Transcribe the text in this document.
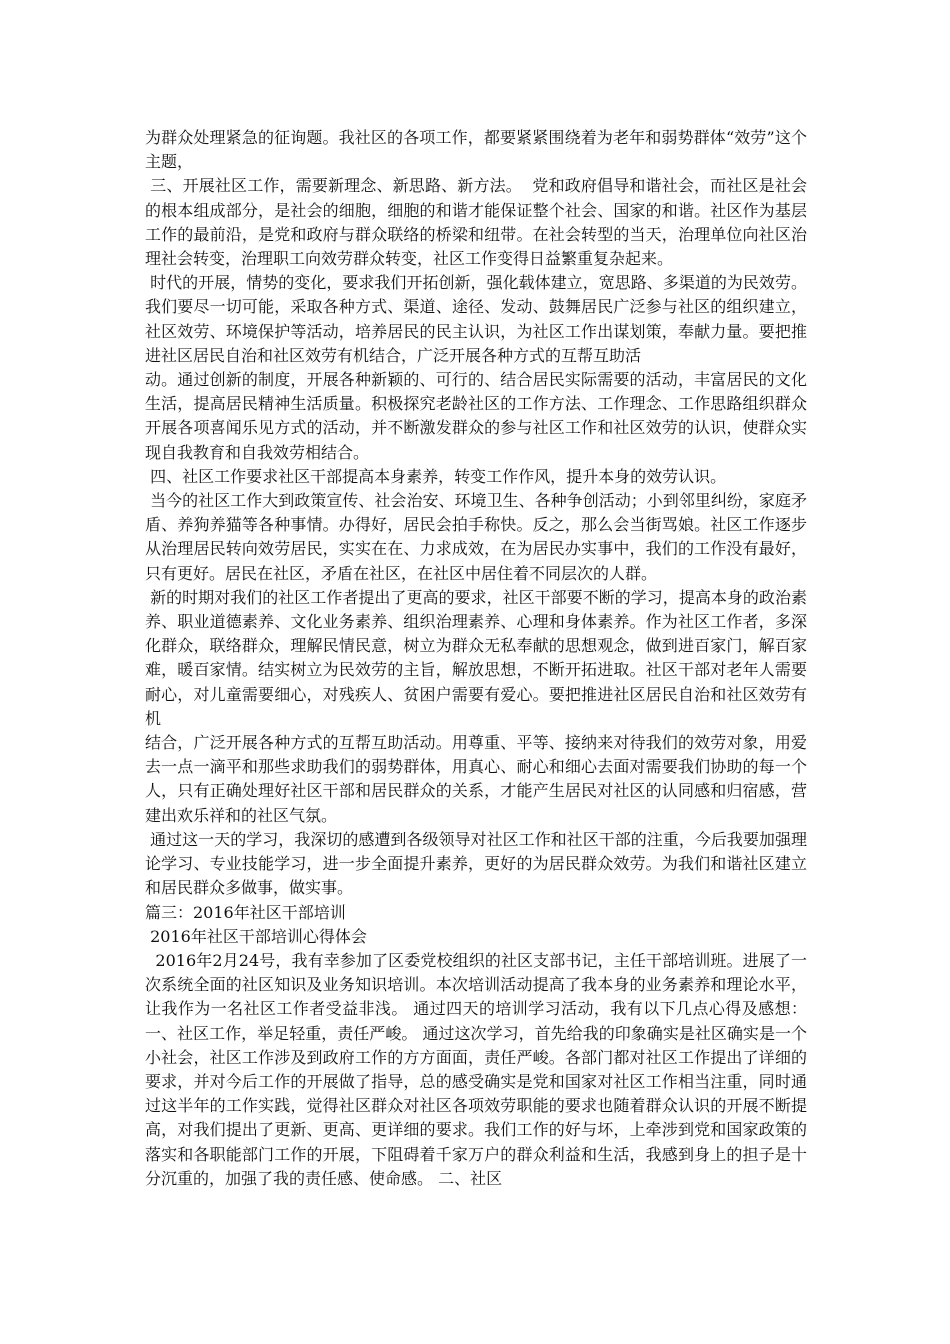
为群众处理紧急的征询题。我社区的各项工作，都要紧紧围绕着为老年和弱势群体“效劳”这个主题，

三、开展社区工作，需要新理念、新思路、新方法。  党和政府倡导和谐社会，而社区是社会的根本组成部分，是社会的细胞，细胞的和谐才能保证整个社会、国家的和谐。社区作为基层工作的最前沿，是党和政府与群众联络的桥梁和纽带。在社会转型的当天，治理单位向社区治理社会转变，治理职工向效劳群众转变，社区工作变得日益繁重复杂起来。

时代的开展，情势的变化，要求我们开拓创新，强化载体建立，宽思路、多渠道的为民效劳。我们要尽一切可能，采取各种方式、渠道、途径、发动、鼓舞居民广泛参与社区的组织建立，社区效劳、环境保护等活动，培养居民的民主认识，为社区工作出谋划策，奉献力量。要把推进社区居民自治和社区效劳有机结合，广泛开展各种方式的互帮互助活

动。通过创新的制度，开展各种新颖的、可行的、结合居民实际需要的活动，丰富居民的文化生活，提高居民精神生活质量。积极探究老龄社区的工作方法、工作理念、工作思路组织群众开展各项喜闻乐见方式的活动，并不断激发群众的参与社区工作和社区效劳的认识，使群众实现自我教育和自我效劳相结合。

四、社区工作要求社区干部提高本身素养，转变工作作风，提升本身的效劳认识。

当今的社区工作大到政策宣传、社会治安、环境卫生、各种争创活动；小到邻里纠纷，家庭矛盾、养狗养猫等各种事情。办得好，居民会拍手称快。反之，那么会当街骂娘。社区工作逐步从治理居民转向效劳居民，实实在在、力求成效，在为居民办实事中，我们的工作没有最好，只有更好。居民在社区，矛盾在社区，在社区中居住着不同层次的人群。

新的时期对我们的社区工作者提出了更高的要求，社区干部要不断的学习，提高本身的政治素养、职业道德素养、文化业务素养、组织治理素养、心理和身体素养。作为社区工作者，多深化群众，联络群众，理解民情民意，树立为群众无私奉献的思想观念，做到进百家门，解百家难，暖百家情。结实树立为民效劳的主旨，解放思想，不断开拓进取。社区干部对老年人需要耐心，对儿童需要细心，对残疾人、贫困户需要有爱心。要把推进社区居民自治和社区效劳有机

结合，广泛开展各种方式的互帮互助活动。用尊重、平等、接纳来对待我们的效劳对象，用爱去一点一滴平和那些求助我们的弱势群体，用真心、耐心和细心去面对需要我们协助的每一个人，只有正确处理好社区干部和居民群众的关系，才能产生居民对社区的认同感和归宿感，营建出欢乐祥和的社区气氛。

通过这一天的学习，我深切的感遭到各级领导对社区工作和社区干部的注重，今后我要加强理论学习、专业技能学习，进一步全面提升素养，更好的为居民群众效劳。为我们和谐社区建立和居民群众多做事，做实事。

篇三：2016年社区干部培训

2016年社区干部培训心得体会

2016年2月24号，我有幸参加了区委党校组织的社区支部书记，主任干部培训班。进展了一次系统全面的社区知识及业务知识培训。本次培训活动提高了我本身的业务素养和理论水平，让我作为一名社区工作者受益非浅。 通过四天的培训学习活动，我有以下几点心得及感想：一、社区工作，举足轻重，责任严峻。 通过这次学习，首先给我的印象确实是社区确实是一个小社会，社区工作涉及到政府工作的方方面面，责任严峻。各部门都对社区工作提出了详细的要求，并对今后工作的开展做了指导，总的感受确实是党和国家对社区工作相当注重，同时通过这半年的工作实践，觉得社区群众对社区各项效劳职能的要求也随着群众认识的开展不断提高，对我们提出了更新、更高、更详细的要求。我们工作的好与坏，上牵涉到党和国家政策的落实和各职能部门工作的开展，下阻碍着千家万户的群众利益和生活，我感到身上的担子是十分沉重的，加强了我的责任感、使命感。 二、社区
